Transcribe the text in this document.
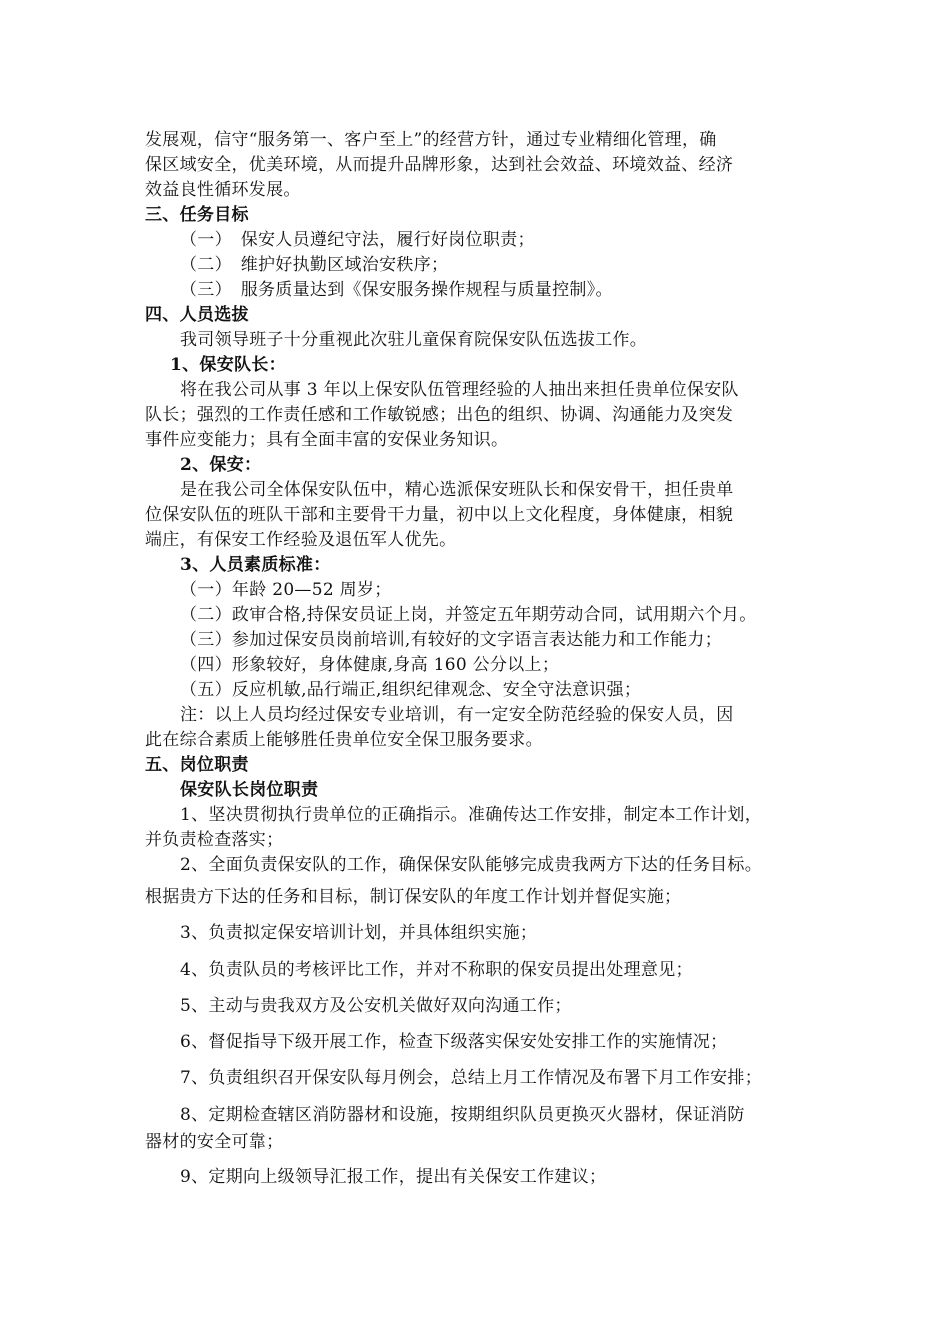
发展观，信守“服务第一、客户至上”的经营方针，通过专业精细化管理，确
保区域安全，优美环境，从而提升品牌形象，达到社会效益、环境效益、经济
效益良性循环发展。
三、任务目标
（一）　保安人员遵纪守法，履行好岗位职责；
（二）　维护好执勤区域治安秩序；
（三）　服务质量达到《保安服务操作规程与质量控制》。
四、人员选拔
我司领导班子十分重视此次驻儿童保育院保安队伍选拔工作。
1、保安队长：
将在我公司从事 3 年以上保安队伍管理经验的人抽出来担任贵单位保安队
队长；强烈的工作责任感和工作敏锐感；出色的组织、协调、沟通能力及突发
事件应变能力；具有全面丰富的安保业务知识。
2、保安：
是在我公司全体保安队伍中，精心选派保安班队长和保安骨干，担任贵单
位保安队伍的班队干部和主要骨干力量，初中以上文化程度，身体健康，相貌
端庄，有保安工作经验及退伍军人优先。
3、人员素质标准：
（一）年龄 20—52 周岁；
（二）政审合格,持保安员证上岗，并签定五年期劳动合同，试用期六个月。
（三）参加过保安员岗前培训,有较好的文字语言表达能力和工作能力；
（四）形象较好，身体健康,身高 160 公分以上；
（五）反应机敏,品行端正,组织纪律观念、安全守法意识强；
注：以上人员均经过保安专业培训，有一定安全防范经验的保安人员，因
此在综合素质上能够胜任贵单位安全保卫服务要求。
五、岗位职责
保安队长岗位职责
1、坚决贯彻执行贵单位的正确指示。准确传达工作安排，制定本工作计划，
并负责检查落实；
2、全面负责保安队的工作，确保保安队能够完成贵我两方下达的任务目标。
根据贵方下达的任务和目标，制订保安队的年度工作计划并督促实施；
3、负责拟定保安培训计划，并具体组织实施；
4、负责队员的考核评比工作，并对不称职的保安员提出处理意见；
5、主动与贵我双方及公安机关做好双向沟通工作；
6、督促指导下级开展工作，检查下级落实保安处安排工作的实施情况；
7、负责组织召开保安队每月例会，总结上月工作情况及布署下月工作安排；
8、定期检查辖区消防器材和设施，按期组织队员更换灭火器材，保证消防
器材的安全可靠；
9、定期向上级领导汇报工作，提出有关保安工作建议；
